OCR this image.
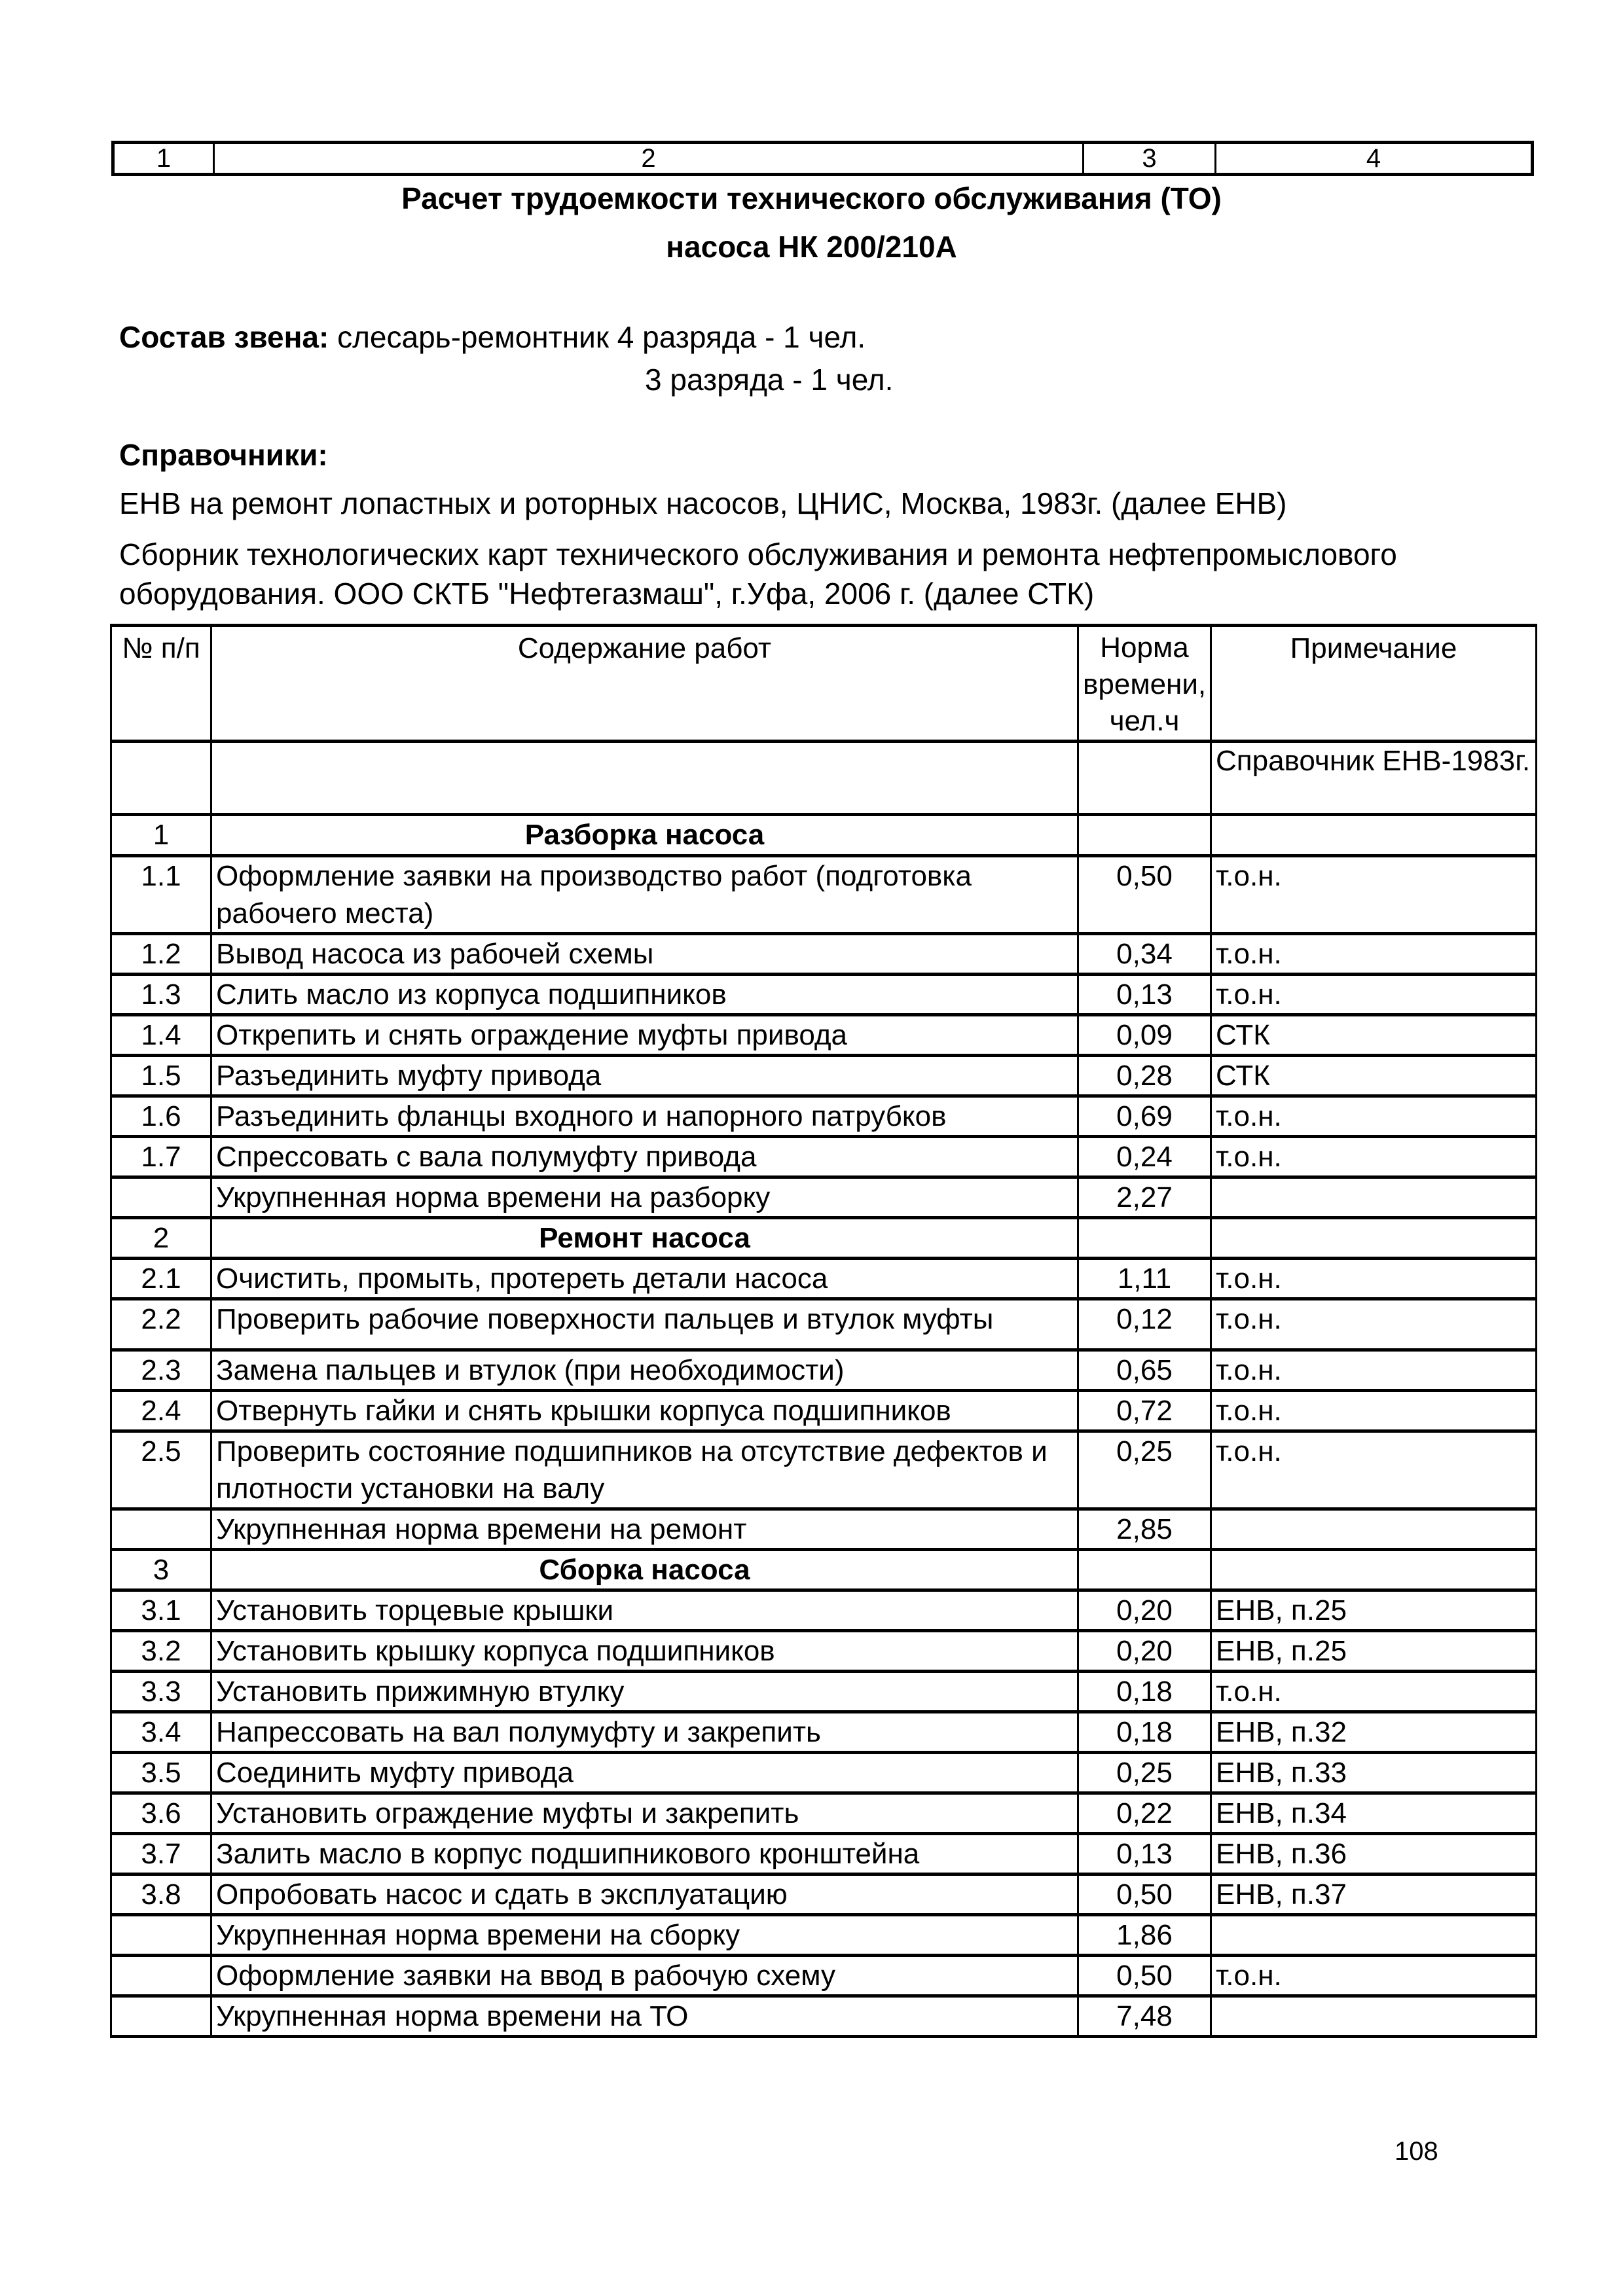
1	2	3	4
Расчет трудоемкости технического обслуживания (ТО)
насоса НК 200/210А
Состав звена: слесарь-ремонтник 4 разряда - 1 чел.
3 разряда - 1 чел.
Справочники:
ЕНВ на ремонт лопастных и роторных насосов, ЦНИС, Москва, 1983г. (далее ЕНВ)
Сборник технологических карт технического обслуживания и ремонта нефтепромыслового
оборудования. ООО СКТБ "Нефтегазмаш", г.Уфа, 2006 г. (далее СТК)
№ п/п	Содержание работ	Норма времени, чел.ч	Примечание
			Справочник ЕНВ-1983г.
1	Разборка насоса		
1.1	Оформление заявки на производство работ (подготовка рабочего места)	0,50	т.о.н.
1.2	Вывод насоса из рабочей схемы	0,34	т.о.н.
1.3	Слить масло из корпуса подшипников	0,13	т.о.н.
1.4	Открепить и снять ограждение муфты привода	0,09	СТК
1.5	Разъединить муфту привода	0,28	СТК
1.6	Разъединить фланцы входного и напорного патрубков	0,69	т.о.н.
1.7	Спрессовать с вала полумуфту привода	0,24	т.о.н.
	Укрупненная норма времени на разборку	2,27	
2	Ремонт насоса		
2.1	Очистить, промыть, протереть детали насоса	1,11	т.о.н.
2.2	Проверить рабочие поверхности пальцев и втулок муфты	0,12	т.о.н.
2.3	Замена пальцев и втулок (при необходимости)	0,65	т.о.н.
2.4	Отвернуть гайки и снять крышки корпуса подшипников	0,72	т.о.н.
2.5	Проверить состояние подшипников на отсутствие дефектов и плотности установки на валу	0,25	т.о.н.
	Укрупненная норма времени на ремонт	2,85	
3	Сборка насоса		
3.1	Установить торцевые крышки	0,20	ЕНВ, п.25
3.2	Установить крышку корпуса подшипников	0,20	ЕНВ, п.25
3.3	Установить прижимную втулку	0,18	т.о.н.
3.4	Напрессовать на вал полумуфту и закрепить	0,18	ЕНВ, п.32
3.5	Соединить муфту привода	0,25	ЕНВ, п.33
3.6	Установить ограждение муфты и закрепить	0,22	ЕНВ, п.34
3.7	Залить масло в корпус подшипникового кронштейна	0,13	ЕНВ, п.36
3.8	Опробовать насос и сдать в эксплуатацию	0,50	ЕНВ, п.37
	Укрупненная норма времени на сборку	1,86	
	Оформление заявки на ввод в рабочую схему	0,50	т.о.н.
	Укрупненная норма времени на ТО	7,48	
108
